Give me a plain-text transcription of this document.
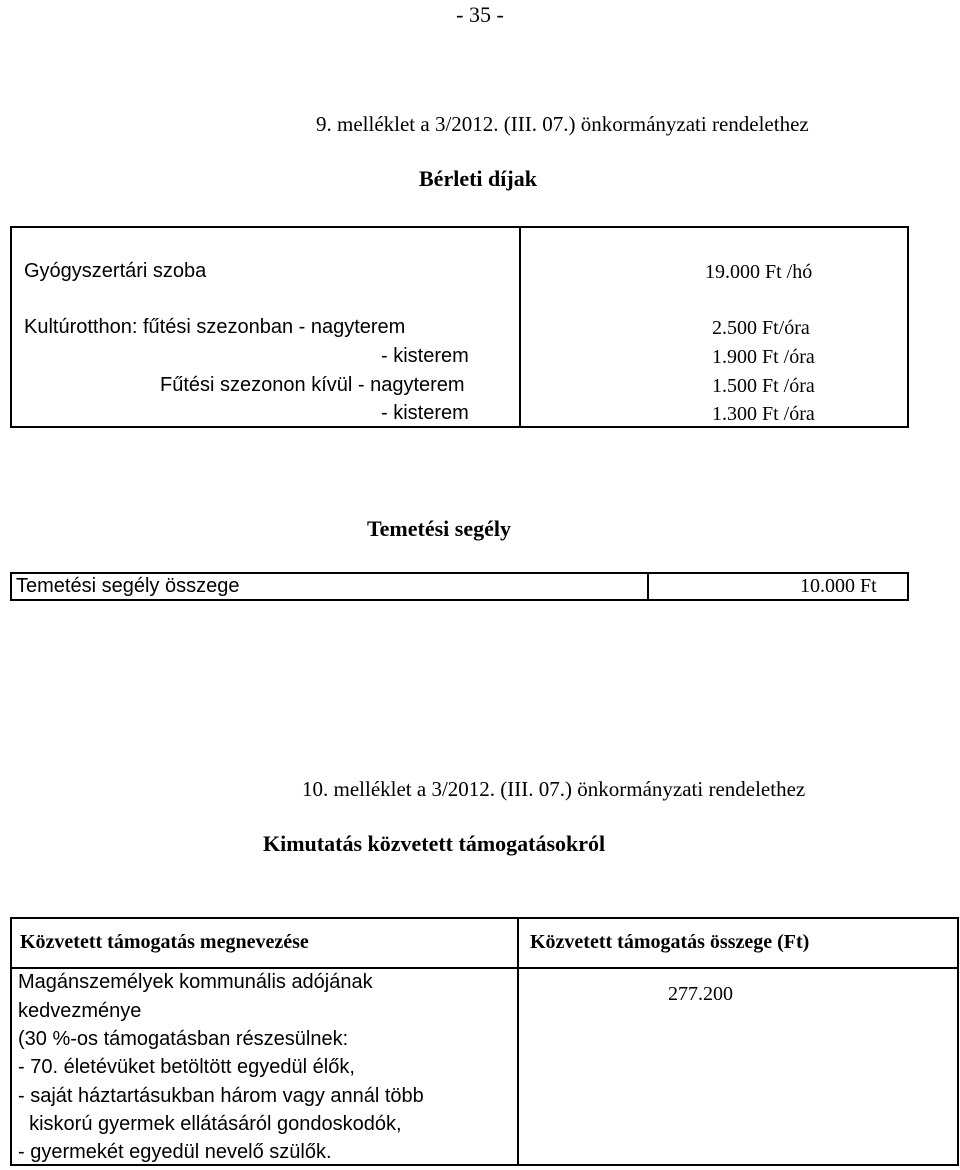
- 35 -
9. melléklet a 3/2012. (III. 07.) önkormányzati rendelethez
Bérleti díjak
Gyógyszertári szoba	19.000 Ft /hó
Kultúrotthon: fűtési szezonban - nagyterem	2.500 Ft/óra
- kisterem	1.900 Ft /óra
Fűtési szezonon kívül - nagyterem	1.500 Ft /óra
- kisterem	1.300 Ft /óra
Temetési segély
Temetési segély összege	10.000 Ft
10. melléklet a 3/2012. (III. 07.) önkormányzati rendelethez
Kimutatás közvetett támogatásokról
Közvetett támogatás megnevezése	Közvetett támogatás összege (Ft)
Magánszemélyek kommunális adójának
kedvezménye
(30 %-os támogatásban részesülnek:
- 70. életévüket betöltött egyedül élők,
- saját háztartásukban három vagy annál több
kiskorú gyermek ellátásáról gondoskodók,
- gyermekét egyedül nevelő szülők.
277.200
